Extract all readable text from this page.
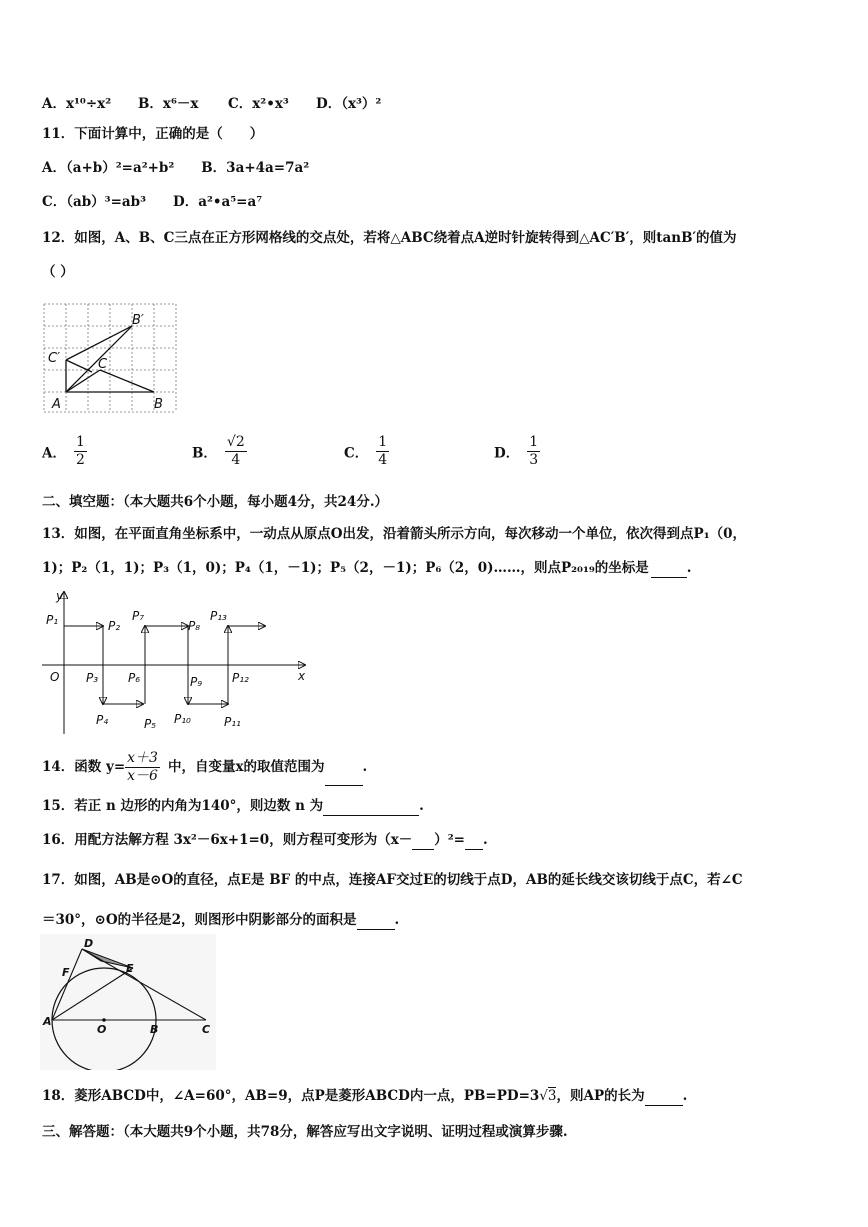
A．x¹⁰÷x² B．x⁶－x C．x²•x³ D．（x³）²
11．下面计算中，正确的是（　　）
A．（a+b）²=a²+b²　　B．3a+4a=7a²
C．（ab）³=ab³　　D．a²•a⁵=a⁷
12．如图，A、B、C三点在正方形网格线的交点处，若将△ABC绕着点A逆时针旋转得到△AC′B′，则tanB′的值为
（ ）
A	B
C
C′
B′
A． $\frac{1}{2}$	B． $\frac{√2}{4}$	C． $\frac{1}{4}$	D． $\frac{1}{3}$
二、填空题：（本大题共6个小题，每小题4分，共24分.）
13．如图，在平面直角坐标系中，一动点从原点O出发，沿着箭头所示方向，每次移动一个单位，依次得到点P₁（0，
1)；P₂（1，1)；P₃（1，0)；P₄（1，－1)；P₅（2，－1)；P₆（2，0)……，则点P₂₀₁₉的坐标是	.
y
x
O
P₁	P₂
P₃
P₄	P₅
P₆
P₇
P₈
P₉
P₁₀	P₁₁
P₁₂
P₁₃
14．函数 $y= \frac{x+3}{x-6}$ 中，自变量x的取值范围为	.
15．若正 n 边形的内角为140°，则边数 n 为	.
16．用配方法解方程 3x²－6x+1=0，则方程可变形为（x－ ）²= .
17．如图，AB是⊙O的直径，点E是 BF 的中点，连接AF交过E的切线于点D，AB的延长线交该切线于点C，若∠C
＝30°，⊙O的半径是2，则图形中阴影部分的面积是	.
D
F	E
A
O	B	C
18．菱形ABCD中，∠A=60°，AB=9，点P是菱形ABCD内一点，PB=PD=3√3，则AP的长为	.
三、解答题：（本大题共9个小题，共78分，解答应写出文字说明、证明过程或演算步骤.
